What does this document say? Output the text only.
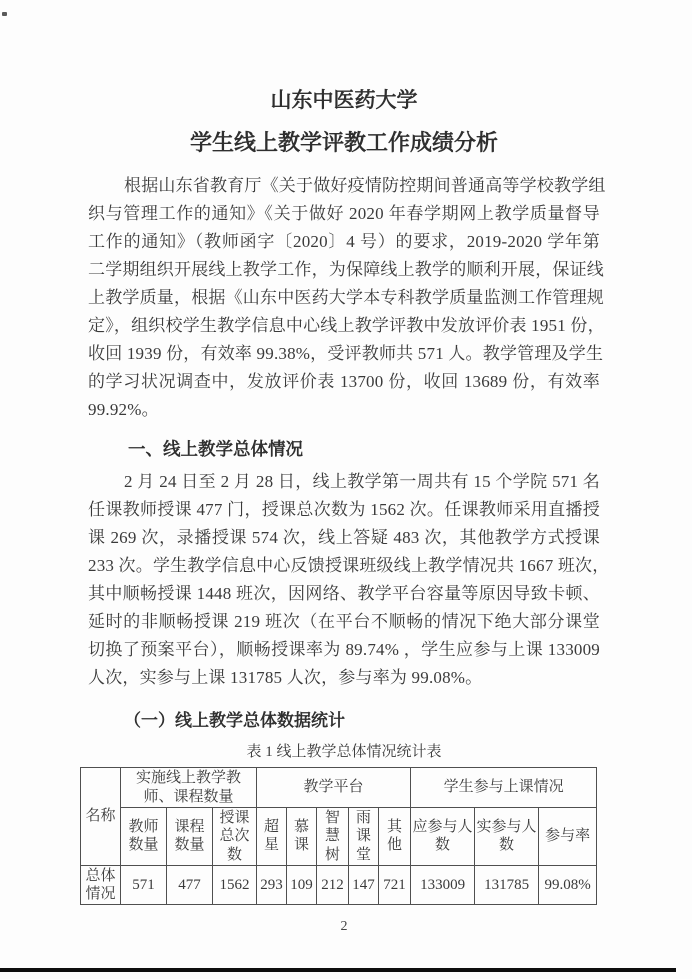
山东中医药大学
学生线上教学评教工作成绩分析
根据山东省教育厅《关于做好疫情防控期间普通高等学校教学组
织与管理工作的通知》《关于做好 2020 年春学期网上教学质量督导
工作的通知》（教师函字〔2020〕4 号）的要求，2019-2020 学年第
二学期组织开展线上教学工作，为保障线上教学的顺利开展，保证线
上教学质量，根据《山东中医药大学本专科教学质量监测工作管理规
定》，组织校学生教学信息中心线上教学评教中发放评价表 1951 份，
收回 1939 份，有效率 99.38%，受评教师共 571 人。教学管理及学生
的学习状况调查中，发放评价表 13700 份，收回 13689 份，有效率
99.92%。
一、线上教学总体情况
2 月 24 日至 2 月 28 日，线上教学第一周共有 15 个学院 571 名
任课教师授课 477 门，授课总次数为 1562 次。任课教师采用直播授
课 269 次，录播授课 574 次，线上答疑 483 次，其他教学方式授课
233 次。学生教学信息中心反馈授课班级线上教学情况共 1667 班次，
其中顺畅授课 1448 班次，因网络、教学平台容量等原因导致卡顿、
延时的非顺畅授课 219 班次（在平台不顺畅的情况下绝大部分课堂
切换了预案平台），顺畅授课率为 89.74% ，学生应参与上课 133009
人次，实参与上课 131785 人次，参与率为 99.08%。
（一）线上教学总体数据统计
表 1 线上教学总体情况统计表
名称	实施线上教学教师、课程数量			教学平台					学生参与上课情况		
	教师数量	课程数量	授课总次数	超星	慕课	智慧树	雨课堂	其他	应参与人数	实参与人数	参与率
总体情况	571	477	1562	293	109	212	147	721	133009	131785	99.08%
2
